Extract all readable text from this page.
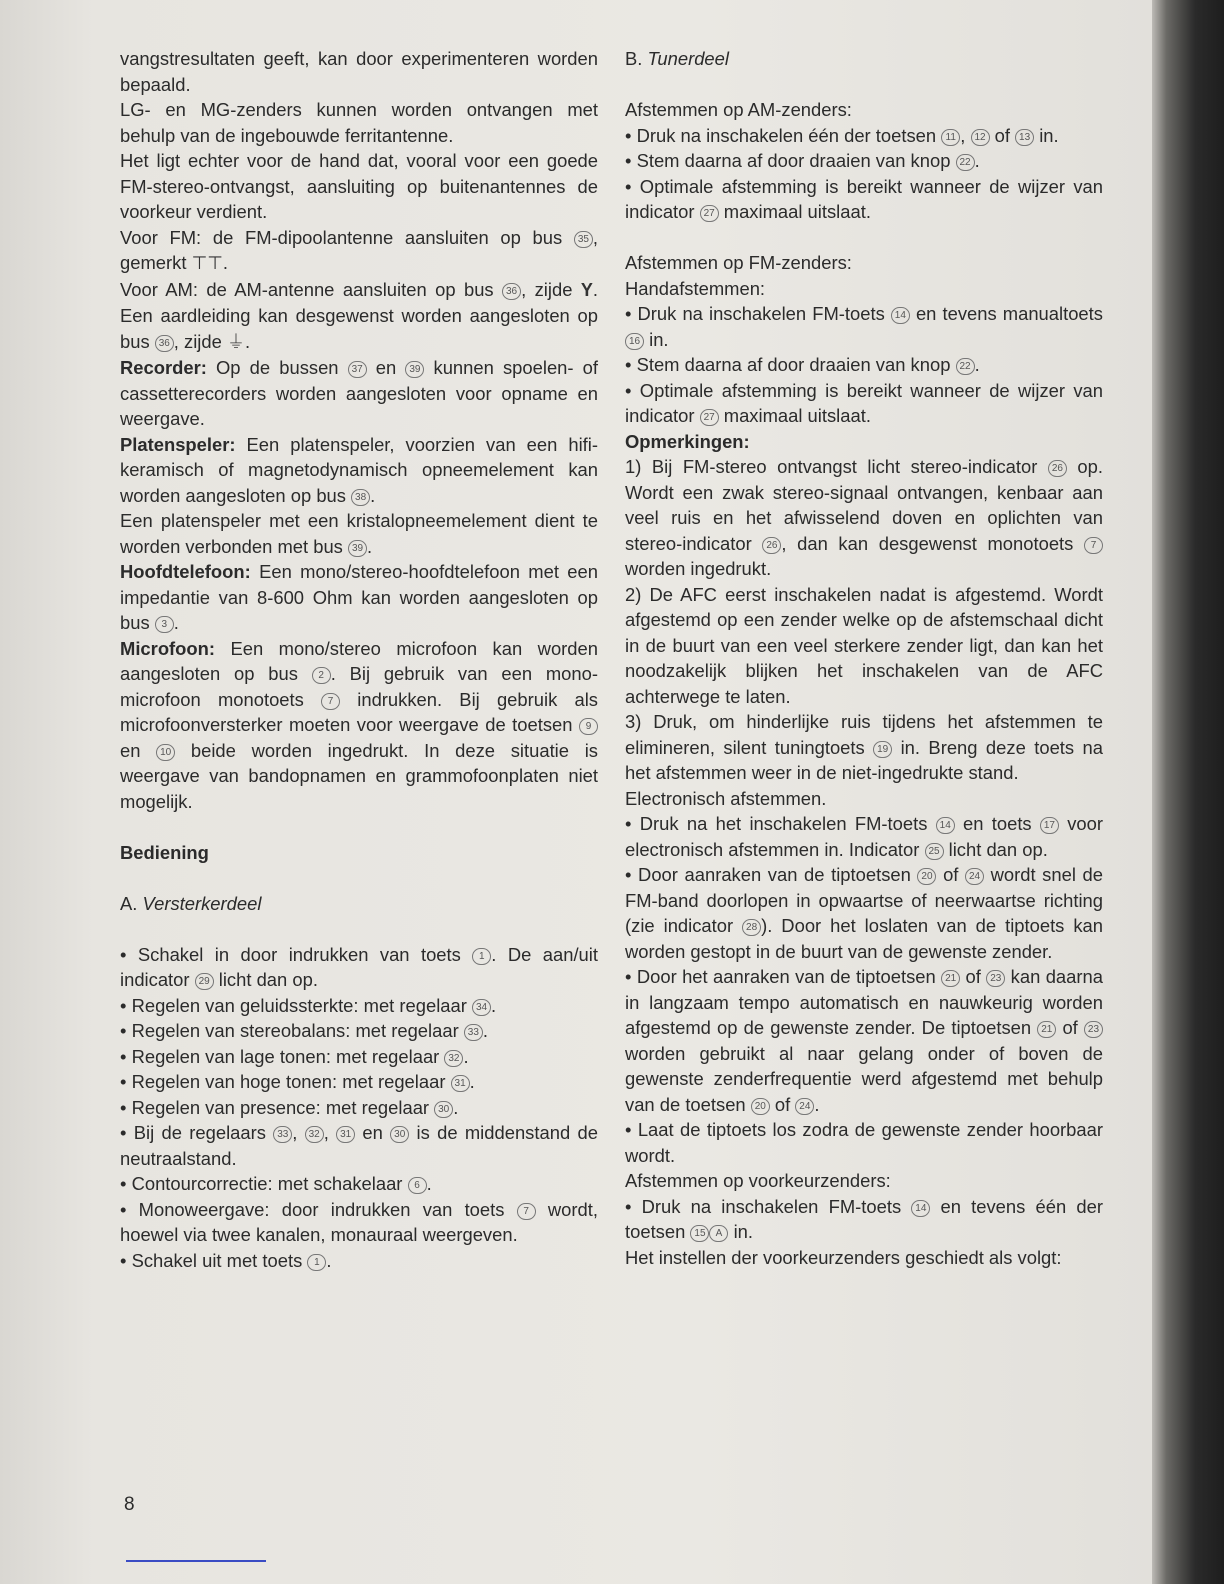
vangstresultaten geeft, kan door experimenteren worden bepaald.

LG- en MG-zenders kunnen worden ontvangen met behulp van de ingebouwde ferritantenne.

Het ligt echter voor de hand dat, vooral voor een goede FM-stereo-ontvangst, aansluiting op buitenantennes de voorkeur verdient.

Voor FM: de FM-dipoolantenne aansluiten op bus 35 , gemerkt ⊤⊤.

Voor AM: de AM-antenne aansluiten op bus 36 , zijde Y. Een aardleiding kan desgewenst worden aangesloten op bus 36 , zijde ⏚.

Recorder: Op de bussen 37 en 39 kunnen spoelen- of cassetterecorders worden aangesloten voor opname en weergave.

Platenspeler: Een platenspeler, voorzien van een hifi-keramisch of magnetodynamisch opneemelement kan worden aangesloten op bus 38 .

Een platenspeler met een kristalopneemelement dient te worden verbonden met bus 39 .

Hoofdtelefoon: Een mono/stereo-hoofdtelefoon met een impedantie van 8-600 Ohm kan worden aangesloten op bus 3 .

Microfoon: Een mono/stereo microfoon kan worden aangesloten op bus 2 . Bij gebruik van een mono-microfoon monotoets 7 indrukken. Bij gebruik als microfoonversterker moeten voor weergave de toetsen 9 en 10 beide worden ingedrukt. In deze situatie is weergave van bandopnamen en grammofoonplaten niet mogelijk.

Bediening

A. Versterkerdeel

• Schakel in door indrukken van toets 1 . De aan/uit indicator 29 licht dan op.

• Regelen van geluidssterkte: met regelaar 34 .

• Regelen van stereobalans: met regelaar 33 .

• Regelen van lage tonen: met regelaar 32 .

• Regelen van hoge tonen: met regelaar 31 .

• Regelen van presence: met regelaar 30 .

• Bij de regelaars 33 , 32 , 31 en 30 is de middenstand de neutraalstand.

• Contourcorrectie: met schakelaar 6 .

• Monoweergave: door indrukken van toets 7 wordt, hoewel via twee kanalen, monauraal weergeven.

• Schakel uit met toets 1 .

B. Tunerdeel

Afstemmen op AM-zenders:

• Druk na inschakelen één der toetsen 11 , 12 of 13 in.

• Stem daarna af door draaien van knop 22 .

• Optimale afstemming is bereikt wanneer de wijzer van indicator 27 maximaal uitslaat.

Afstemmen op FM-zenders:

Handafstemmen:

• Druk na inschakelen FM-toets 14 en tevens manualtoets 16 in.

• Stem daarna af door draaien van knop 22 .

• Optimale afstemming is bereikt wanneer de wijzer van indicator 27 maximaal uitslaat.

Opmerkingen:

1) Bij FM-stereo ontvangst licht stereo-indicator 26 op. Wordt een zwak stereo-signaal ontvangen, kenbaar aan veel ruis en het afwisselend doven en oplichten van stereo-indicator 26 , dan kan desgewenst monotoets 7 worden ingedrukt.

2) De AFC eerst inschakelen nadat is afgestemd. Wordt afgestemd op een zender welke op de afstemschaal dicht in de buurt van een veel sterkere zender ligt, dan kan het noodzakelijk blijken het inschakelen van de AFC achterwege te laten.

3) Druk, om hinderlijke ruis tijdens het afstemmen te elimineren, silent tuningtoets 19 in. Breng deze toets na het afstemmen weer in de niet-ingedrukte stand.

Electronisch afstemmen.

• Druk na het inschakelen FM-toets 14 en toets 17 voor electronisch afstemmen in. Indicator 25 licht dan op.

• Door aanraken van de tiptoetsen 20 of 24 wordt snel de FM-band doorlopen in opwaartse of neerwaartse richting (zie indicator 28 ). Door het loslaten van de tiptoets kan worden gestopt in de buurt van de gewenste zender.

• Door het aanraken van de tiptoetsen 21 of 23 kan daarna in langzaam tempo automatisch en nauwkeurig worden afgestemd op de gewenste zender. De tiptoetsen 21 of 23 worden gebruikt al naar gelang onder of boven de gewenste zenderfrequentie werd afgestemd met behulp van de toetsen 20 of 24 .

• Laat de tiptoets los zodra de gewenste zender hoorbaar wordt.

Afstemmen op voorkeurzenders:

• Druk na inschakelen FM-toets 14 en tevens één der toetsen 15 A in.

Het instellen der voorkeurzenders geschiedt als volgt:

8
